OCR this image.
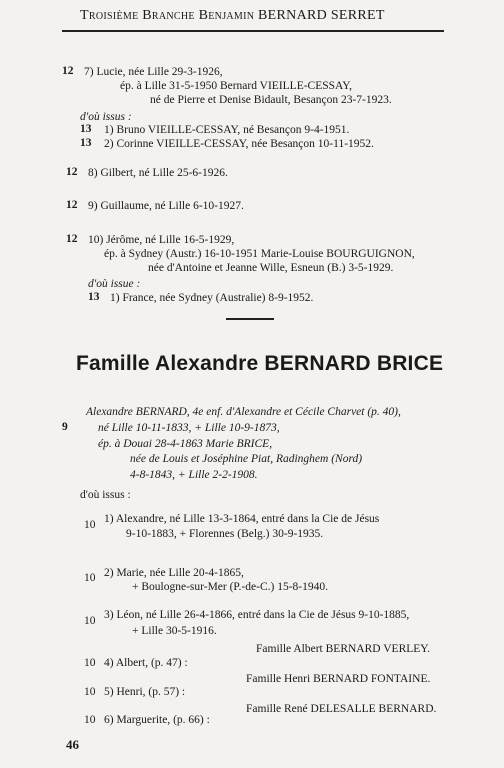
Troisième Branche Benjamin BERNARD SERRET
12 7) Lucie, née Lille 29-3-1926,
ép. à Lille 31-5-1950 Bernard VIEILLE-CESSAY,
né de Pierre et Denise Bidault, Besançon 23-7-1923.
d'où issus :
13 1) Bruno VIEILLE-CESSAY, né Besançon 9-4-1951.
13 2) Corinne VIEILLE-CESSAY, née Besançon 10-11-1952.
12 8) Gilbert, né Lille 25-6-1926.
12 9) Guillaume, né Lille 6-10-1927.
12 10) Jérôme, né Lille 16-5-1929,
ép. à Sydney (Austr.) 16-10-1951 Marie-Louise BOURGUIGNON,
née d'Antoine et Jeanne Wille, Esneun (B.) 3-5-1929.
d'où issue :
13 1) France, née Sydney (Australie) 8-9-1952.
Famille Alexandre BERNARD BRICE
9
Alexandre BERNARD, 4e enf. d'Alexandre et Cécile Charvet (p. 40),
né Lille 10-11-1833, + Lille 10-9-1873,
ép. à Douai 28-4-1863 Marie BRICE,
née de Louis et Joséphine Piat, Radinghem (Nord)
4-8-1843, + Lille 2-2-1908.
d'où issus :
10 1) Alexandre, né Lille 13-3-1864, entré dans la Cie de Jésus
9-10-1883, + Florennes (Belg.) 30-9-1935.
10 2) Marie, née Lille 20-4-1865,
+ Boulogne-sur-Mer (P.-de-C.) 15-8-1940.
10 3) Léon, né Lille 26-4-1866, entré dans la Cie de Jésus 9-10-1885,
+ Lille 30-5-1916.
10 4) Albert, (p. 47) :
Famille Albert BERNARD VERLEY.
10 5) Henri, (p. 57) :
Famille Henri BERNARD FONTAINE.
10 6) Marguerite, (p. 66) :
Famille René DELESALLE BERNARD.
46
